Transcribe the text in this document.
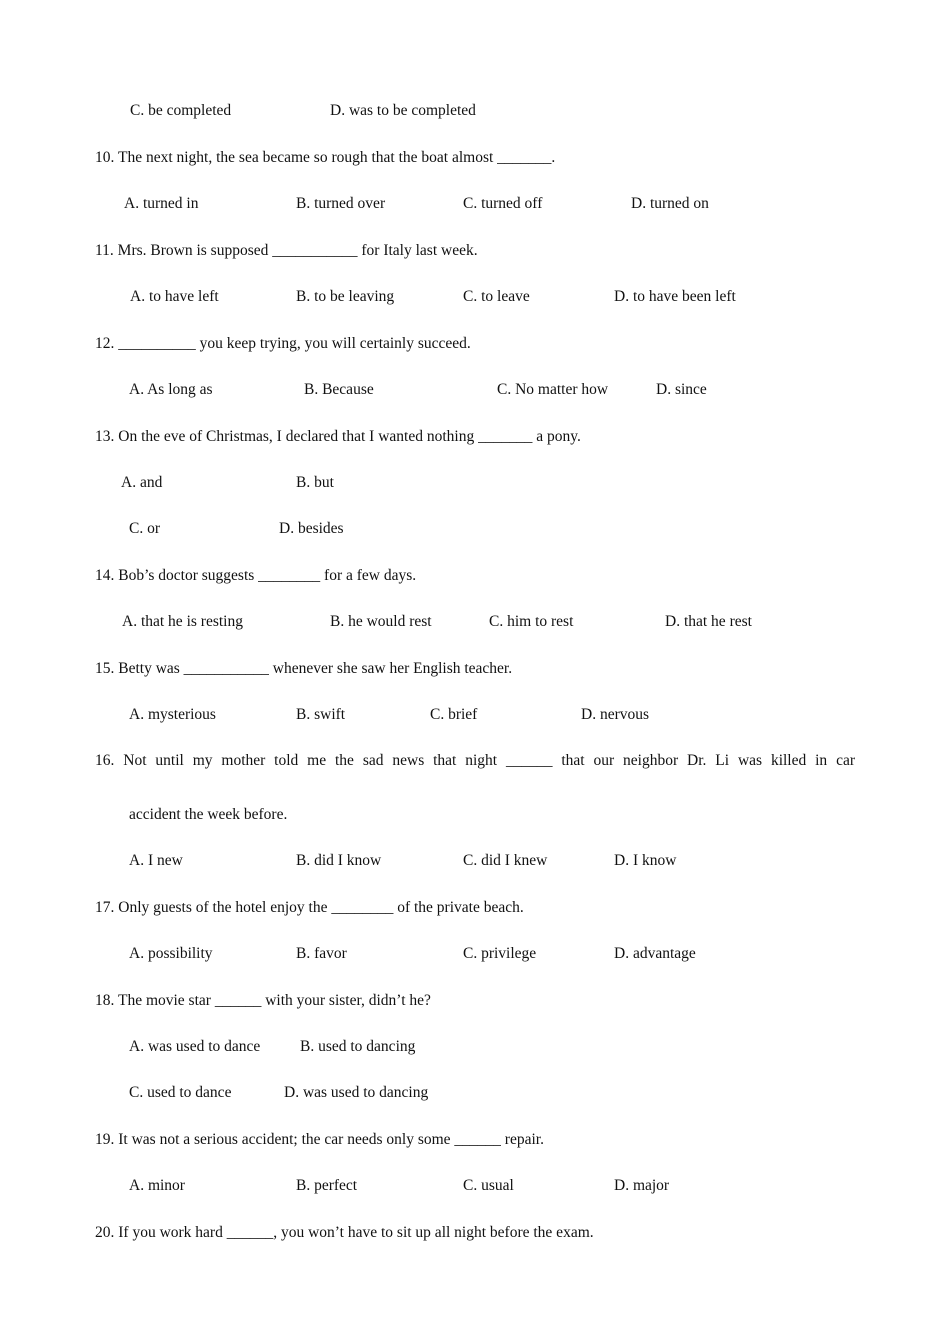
C. be completed	D. was to be completed
10. The next night, the sea became so rough that the boat almost _______.
A. turned in	B. turned over	C. turned off	D. turned on
11. Mrs. Brown is supposed ___________ for Italy last week.
A. to have left	B. to be leaving	C. to leave	D. to have been left
12. __________ you keep trying, you will certainly succeed.
A. As long as	B. Because	C. No matter how	D. since
13. On the eve of Christmas, I declared that I wanted nothing _______ a pony.
A. and	B. but
C. or	D. besides
14. Bob’s doctor suggests ________ for a few days.
A. that he is resting	B. he would rest	C. him to rest	D. that he rest
15. Betty was ___________ whenever she saw her English teacher.
A. mysterious	B. swift	C. brief	D. nervous
16. Not until my mother told me the sad news that night ______ that our neighbor Dr. Li was killed in car
accident the week before.
A. I new	B. did I know	C. did I knew	D. I know
17. Only guests of the hotel enjoy the ________ of the private beach.
A. possibility	B. favor	C. privilege	D. advantage
18. The movie star ______ with your sister, didn’t he?
A. was used to dance	B. used to dancing
C. used to dance	D. was used to dancing
19. It was not a serious accident; the car needs only some ______ repair.
A. minor	B. perfect	C. usual	D. major
20. If you work hard ______, you won’t have to sit up all night before the exam.
